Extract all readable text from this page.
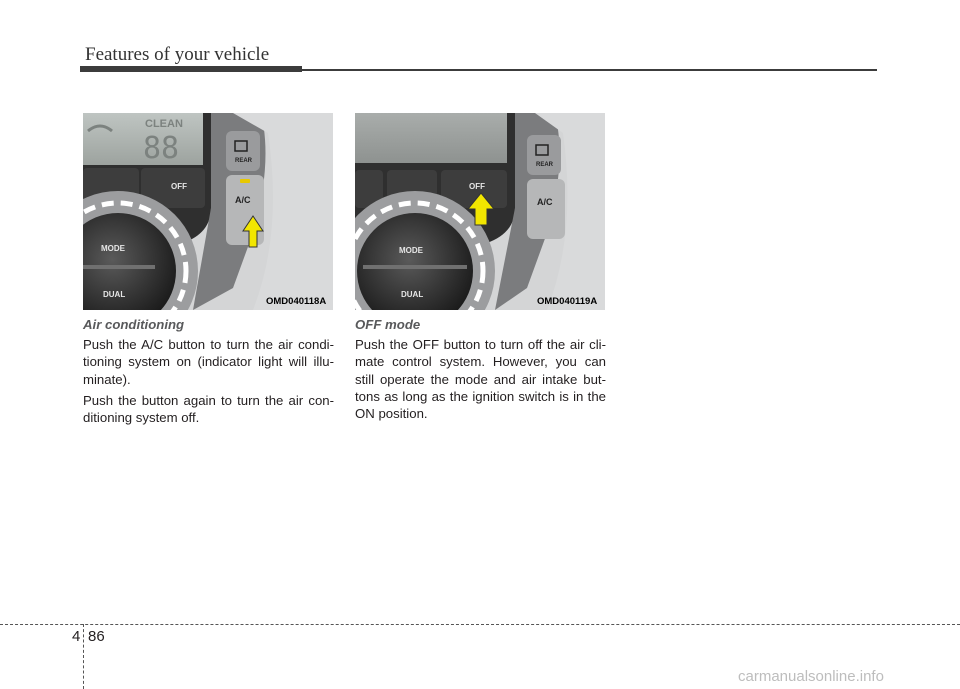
Features of your vehicle
CLEAN
88
OFF
REAR
A/C
MODE
DUAL
OMD040118A
OFF
REAR
A/C
MODE
DUAL
OMD040119A
Air conditioning

Push the A/C button to turn the air condi-tioning system on (indicator light will illu-minate).

Push the button again to turn the air con-ditioning system off.

OFF mode

Push the OFF button to turn off the air cli-mate control system. However, you can still operate the mode and air intake but-tons as long as the ignition switch is in the ON position.

4 86
carmanualsonline.info
